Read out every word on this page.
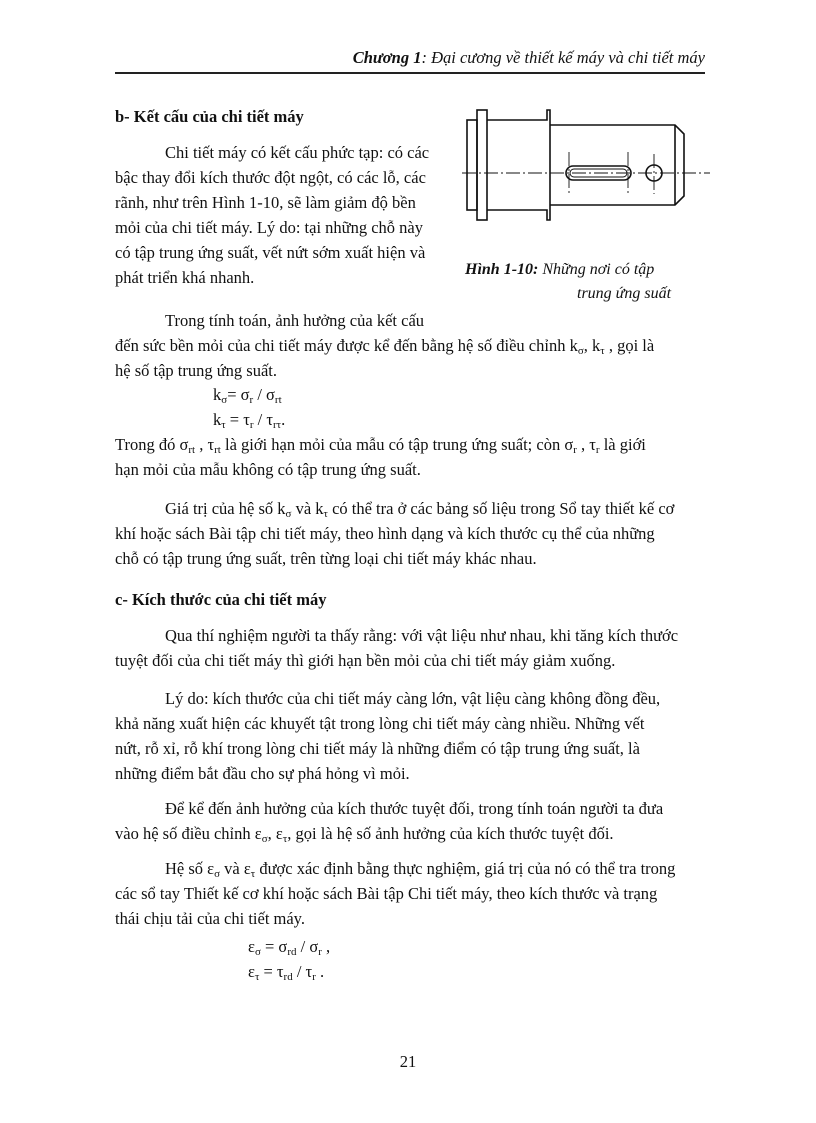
Chương 1: Đại cương về thiết kế máy và chi tiết máy
b- Kết cấu của chi tiết máy
Chi tiết máy có kết cấu phức tạp: có các
bậc thay đổi kích thước đột ngột, có các lỗ, các
rãnh, như trên Hình 1-10, sẽ làm giảm độ bền
mỏi của chi tiết máy. Lý do: tại những chỗ này
có tập trung ứng suất, vết nứt sớm xuất hiện và
phát triển khá nhanh.	Hình 1-10: Những nơi có tập
trung ứng suất
Trong tính toán, ảnh hưởng của kết cấu
đến sức bền mỏi của chi tiết máy được kể đến bằng hệ số điều chỉnh $k_\sigma$, $k_\tau$ , gọi là
hệ số tập trung ứng suất.
$k_\sigma= \sigma_r / \sigma_{rt}$
$k_\tau = \tau_r / \tau_{r\tau}$.
Trong đó $\sigma_{rt}$ , $\tau_{rt}$ là giới hạn mỏi của mẫu có tập trung ứng suất; còn $\sigma_r$ , $\tau_r$ là giới
hạn mỏi của mẫu không có tập trung ứng suất.
Giá trị của hệ số $k_\sigma$ và $k_\tau$ có thể tra ở các bảng số liệu trong Sổ tay thiết kế cơ
khí hoặc sách Bài tập chi tiết máy, theo hình dạng và kích thước cụ thể của những
chỗ có tập trung ứng suất, trên từng loại chi tiết máy khác nhau.
c- Kích thước của chi tiết máy
Qua thí nghiệm người ta thấy rằng: với vật liệu như nhau, khi tăng kích thước
tuyệt đối của chi tiết máy thì giới hạn bền mỏi của chi tiết máy giảm xuống.
Lý do: kích thước của chi tiết máy càng lớn, vật liệu càng không đồng đều,
khả năng xuất hiện các khuyết tật trong lòng chi tiết máy càng nhiều. Những vết
nứt, rỗ xỉ, rỗ khí trong lòng chi tiết máy là những điểm có tập trung ứng suất, là
những điểm bắt đầu cho sự phá hỏng vì mỏi.
Để kể đến ảnh hưởng của kích thước tuyệt đối, trong tính toán người ta đưa
vào hệ số điều chỉnh $\varepsilon_\sigma$, $\varepsilon_\tau$, gọi là hệ số ảnh hưởng của kích thước tuyệt đối.
Hệ số $\varepsilon_\sigma$ và $\varepsilon_\tau$ được xác định bằng thực nghiệm, giá trị của nó có thể tra trong
các sổ tay Thiết kế cơ khí hoặc sách Bài tập Chi tiết máy, theo kích thước và trạng
thái chịu tải của chi tiết máy.
$\varepsilon_\sigma = \sigma_{rd} / \sigma_r$ ,
$\varepsilon_\tau = \tau_{rd} / \tau_r$ .
21
